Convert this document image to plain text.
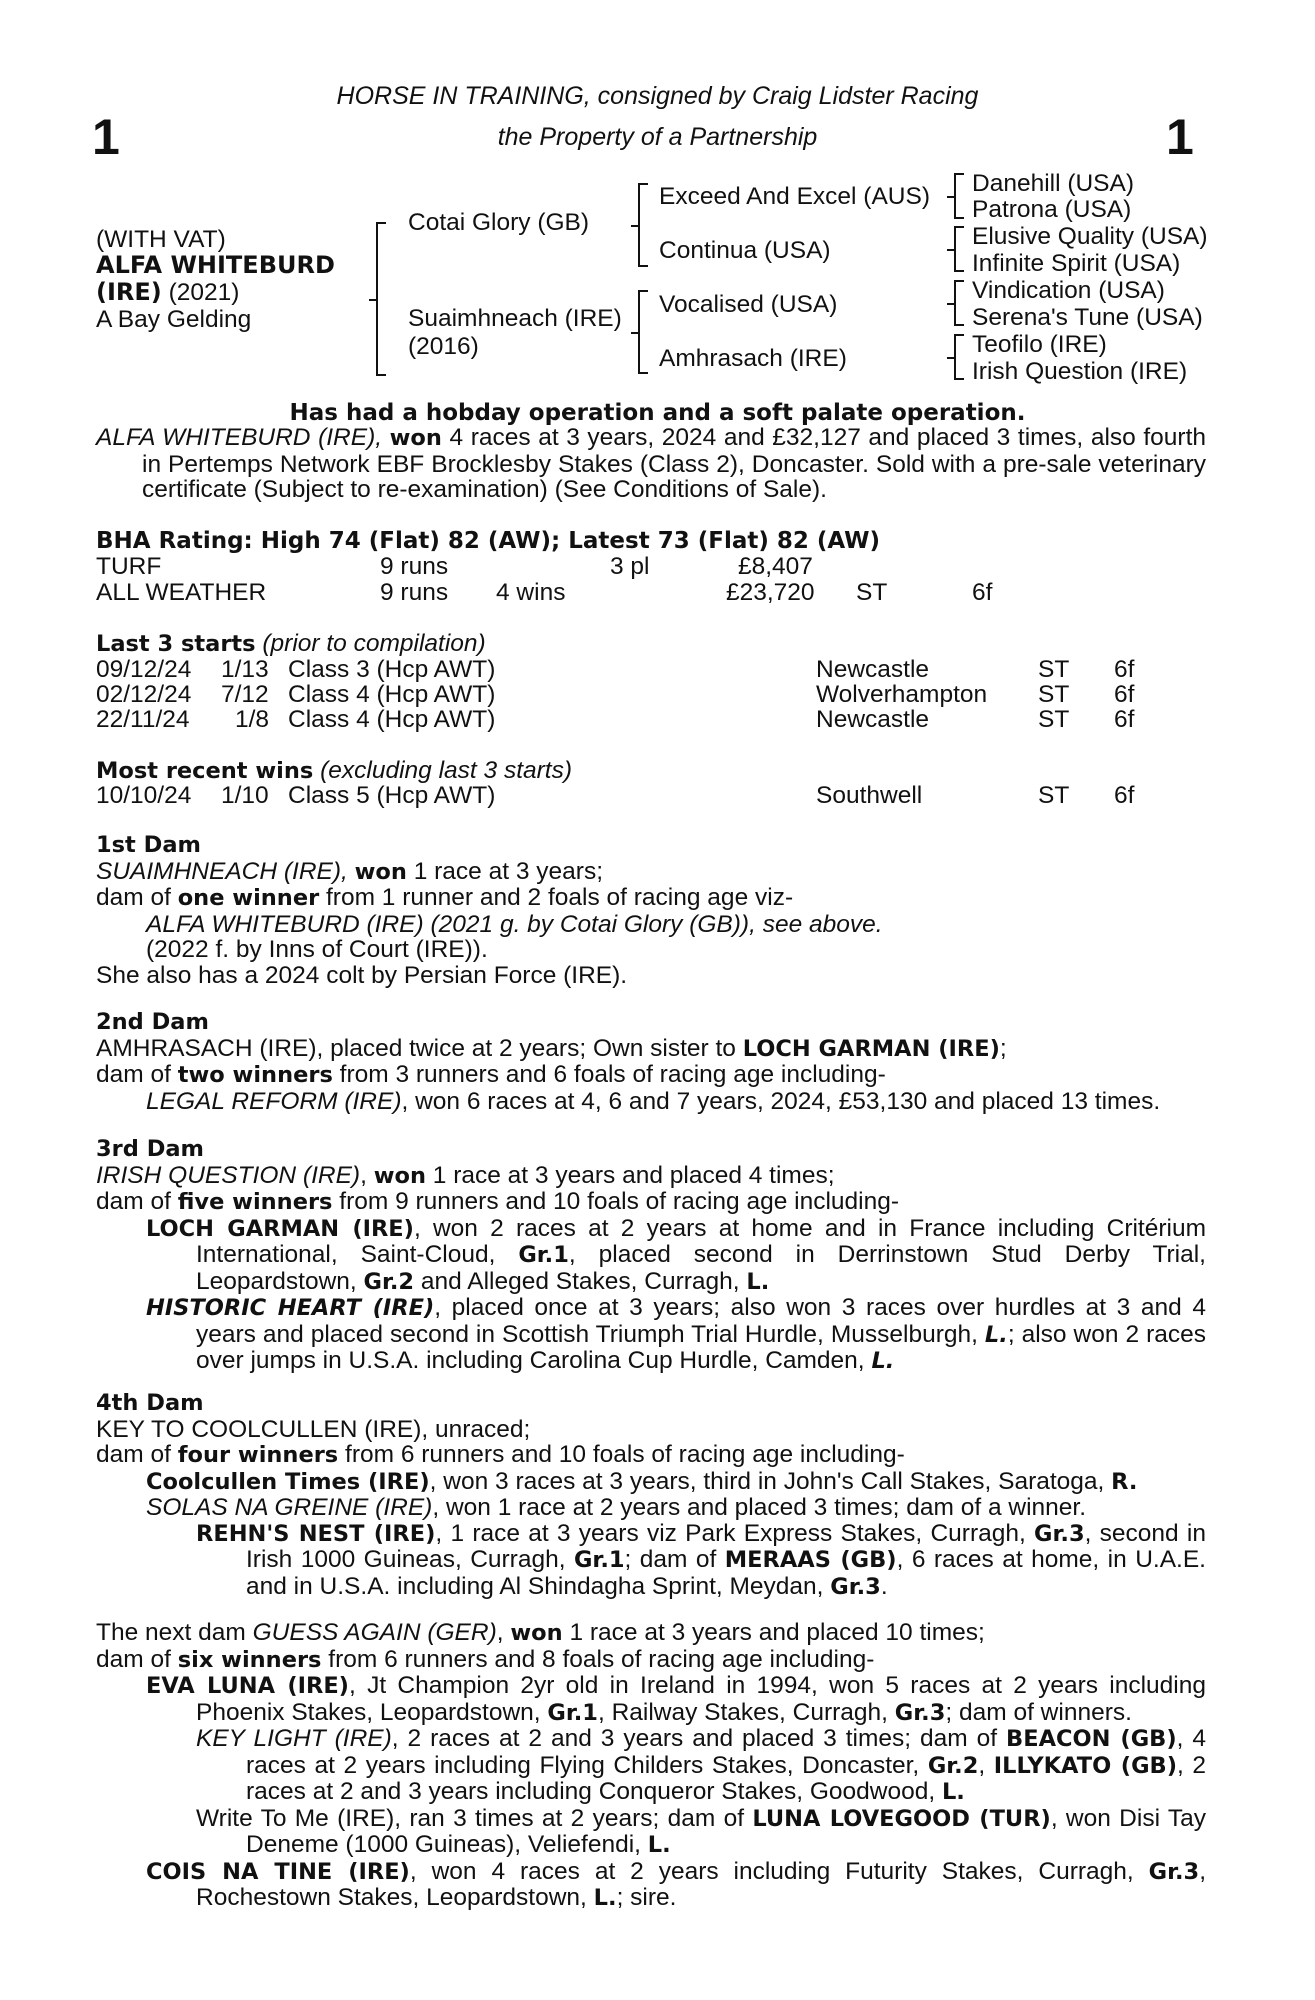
1	1
HORSE IN TRAINING, consigned by Craig Lidster Racing
the Property of a Partnership
(WITH VAT)
ALFA WHITEBURD
(IRE) (2021)
A Bay Gelding
Cotai Glory (GB)
Suaimhneach (IRE)
(2016)
Exceed And Excel (AUS)
Continua (USA)
Vocalised (USA)
Amhrasach (IRE)
Danehill (USA)
Patrona (USA)
Elusive Quality (USA)
Infinite Spirit (USA)
Vindication (USA)
Serena's Tune (USA)
Teofilo (IRE)
Irish Question (IRE)
Has had a hobday operation and a soft palate operation.
ALFA WHITEBURD (IRE), won 4 races at 3 years, 2024 and £32,127 and placed 3 times, also fourth in Pertemps Network EBF Brocklesby Stakes (Class 2), Doncaster. Sold with a pre-sale veterinary certificate (Subject to re-examination) (See Conditions of Sale).
BHA Rating: High 74 (Flat) 82 (AW); Latest 73 (Flat) 82 (AW)
TURF	9 runs	3 pl	£8,407
ALL WEATHER	9 runs 4 wins	£23,720 ST	6f
Last 3 starts (prior to compilation)
09/12/24 1/13 Class 3 (Hcp AWT)	Newcastle	ST 6f
02/12/24 7/12 Class 4 (Hcp AWT)	Wolverhampton ST 6f
22/11/24 1/8 Class 4 (Hcp AWT)	Newcastle	ST 6f
Most recent wins (excluding last 3 starts)
10/10/24 1/10 Class 5 (Hcp AWT)	Southwell	ST 6f

1st Dam

SUAIMHNEACH (IRE), won 1 race at 3 years;

dam of one winner from 1 runner and 2 foals of racing age viz-

ALFA WHITEBURD (IRE) (2021 g. by Cotai Glory (GB)), see above.

(2022 f. by Inns of Court (IRE)).

She also has a 2024 colt by Persian Force (IRE).

2nd Dam

AMHRASACH (IRE), placed twice at 2 years; Own sister to LOCH GARMAN (IRE);

dam of two winners from 3 runners and 6 foals of racing age including-

LEGAL REFORM (IRE), won 6 races at 4, 6 and 7 years, 2024, £53,130 and placed 13 times.

3rd Dam

IRISH QUESTION (IRE), won 1 race at 3 years and placed 4 times;

dam of five winners from 9 runners and 10 foals of racing age including-

LOCH GARMAN (IRE), won 2 races at 2 years at home and in France including Critérium International, Saint-Cloud, Gr.1, placed second in Derrinstown Stud Derby Trial, Leopardstown, Gr.2 and Alleged Stakes, Curragh, L.

HISTORIC HEART (IRE), placed once at 3 years; also won 3 races over hurdles at 3 and 4 years and placed second in Scottish Triumph Trial Hurdle, Musselburgh, L.; also won 2 races over jumps in U.S.A. including Carolina Cup Hurdle, Camden, L.

4th Dam

KEY TO COOLCULLEN (IRE), unraced;

dam of four winners from 6 runners and 10 foals of racing age including-

Coolcullen Times (IRE), won 3 races at 3 years, third in John's Call Stakes, Saratoga, R.

SOLAS NA GREINE (IRE), won 1 race at 2 years and placed 3 times; dam of a winner.

REHN'S NEST (IRE), 1 race at 3 years viz Park Express Stakes, Curragh, Gr.3, second in Irish 1000 Guineas, Curragh, Gr.1; dam of MERAAS (GB), 6 races at home, in U.A.E. and in U.S.A. including Al Shindagha Sprint, Meydan, Gr.3.

The next dam GUESS AGAIN (GER), won 1 race at 3 years and placed 10 times;

dam of six winners from 6 runners and 8 foals of racing age including-

EVA LUNA (IRE), Jt Champion 2yr old in Ireland in 1994, won 5 races at 2 years including Phoenix Stakes, Leopardstown, Gr.1, Railway Stakes, Curragh, Gr.3; dam of winners.

KEY LIGHT (IRE), 2 races at 2 and 3 years and placed 3 times; dam of BEACON (GB), 4 races at 2 years including Flying Childers Stakes, Doncaster, Gr.2, ILLYKATO (GB), 2 races at 2 and 3 years including Conqueror Stakes, Goodwood, L.

Write To Me (IRE), ran 3 times at 2 years; dam of LUNA LOVEGOOD (TUR), won Disi Tay Deneme (1000 Guineas), Veliefendi, L.

COIS NA TINE (IRE), won 4 races at 2 years including Futurity Stakes, Curragh, Gr.3, Rochestown Stakes, Leopardstown, L.; sire.
